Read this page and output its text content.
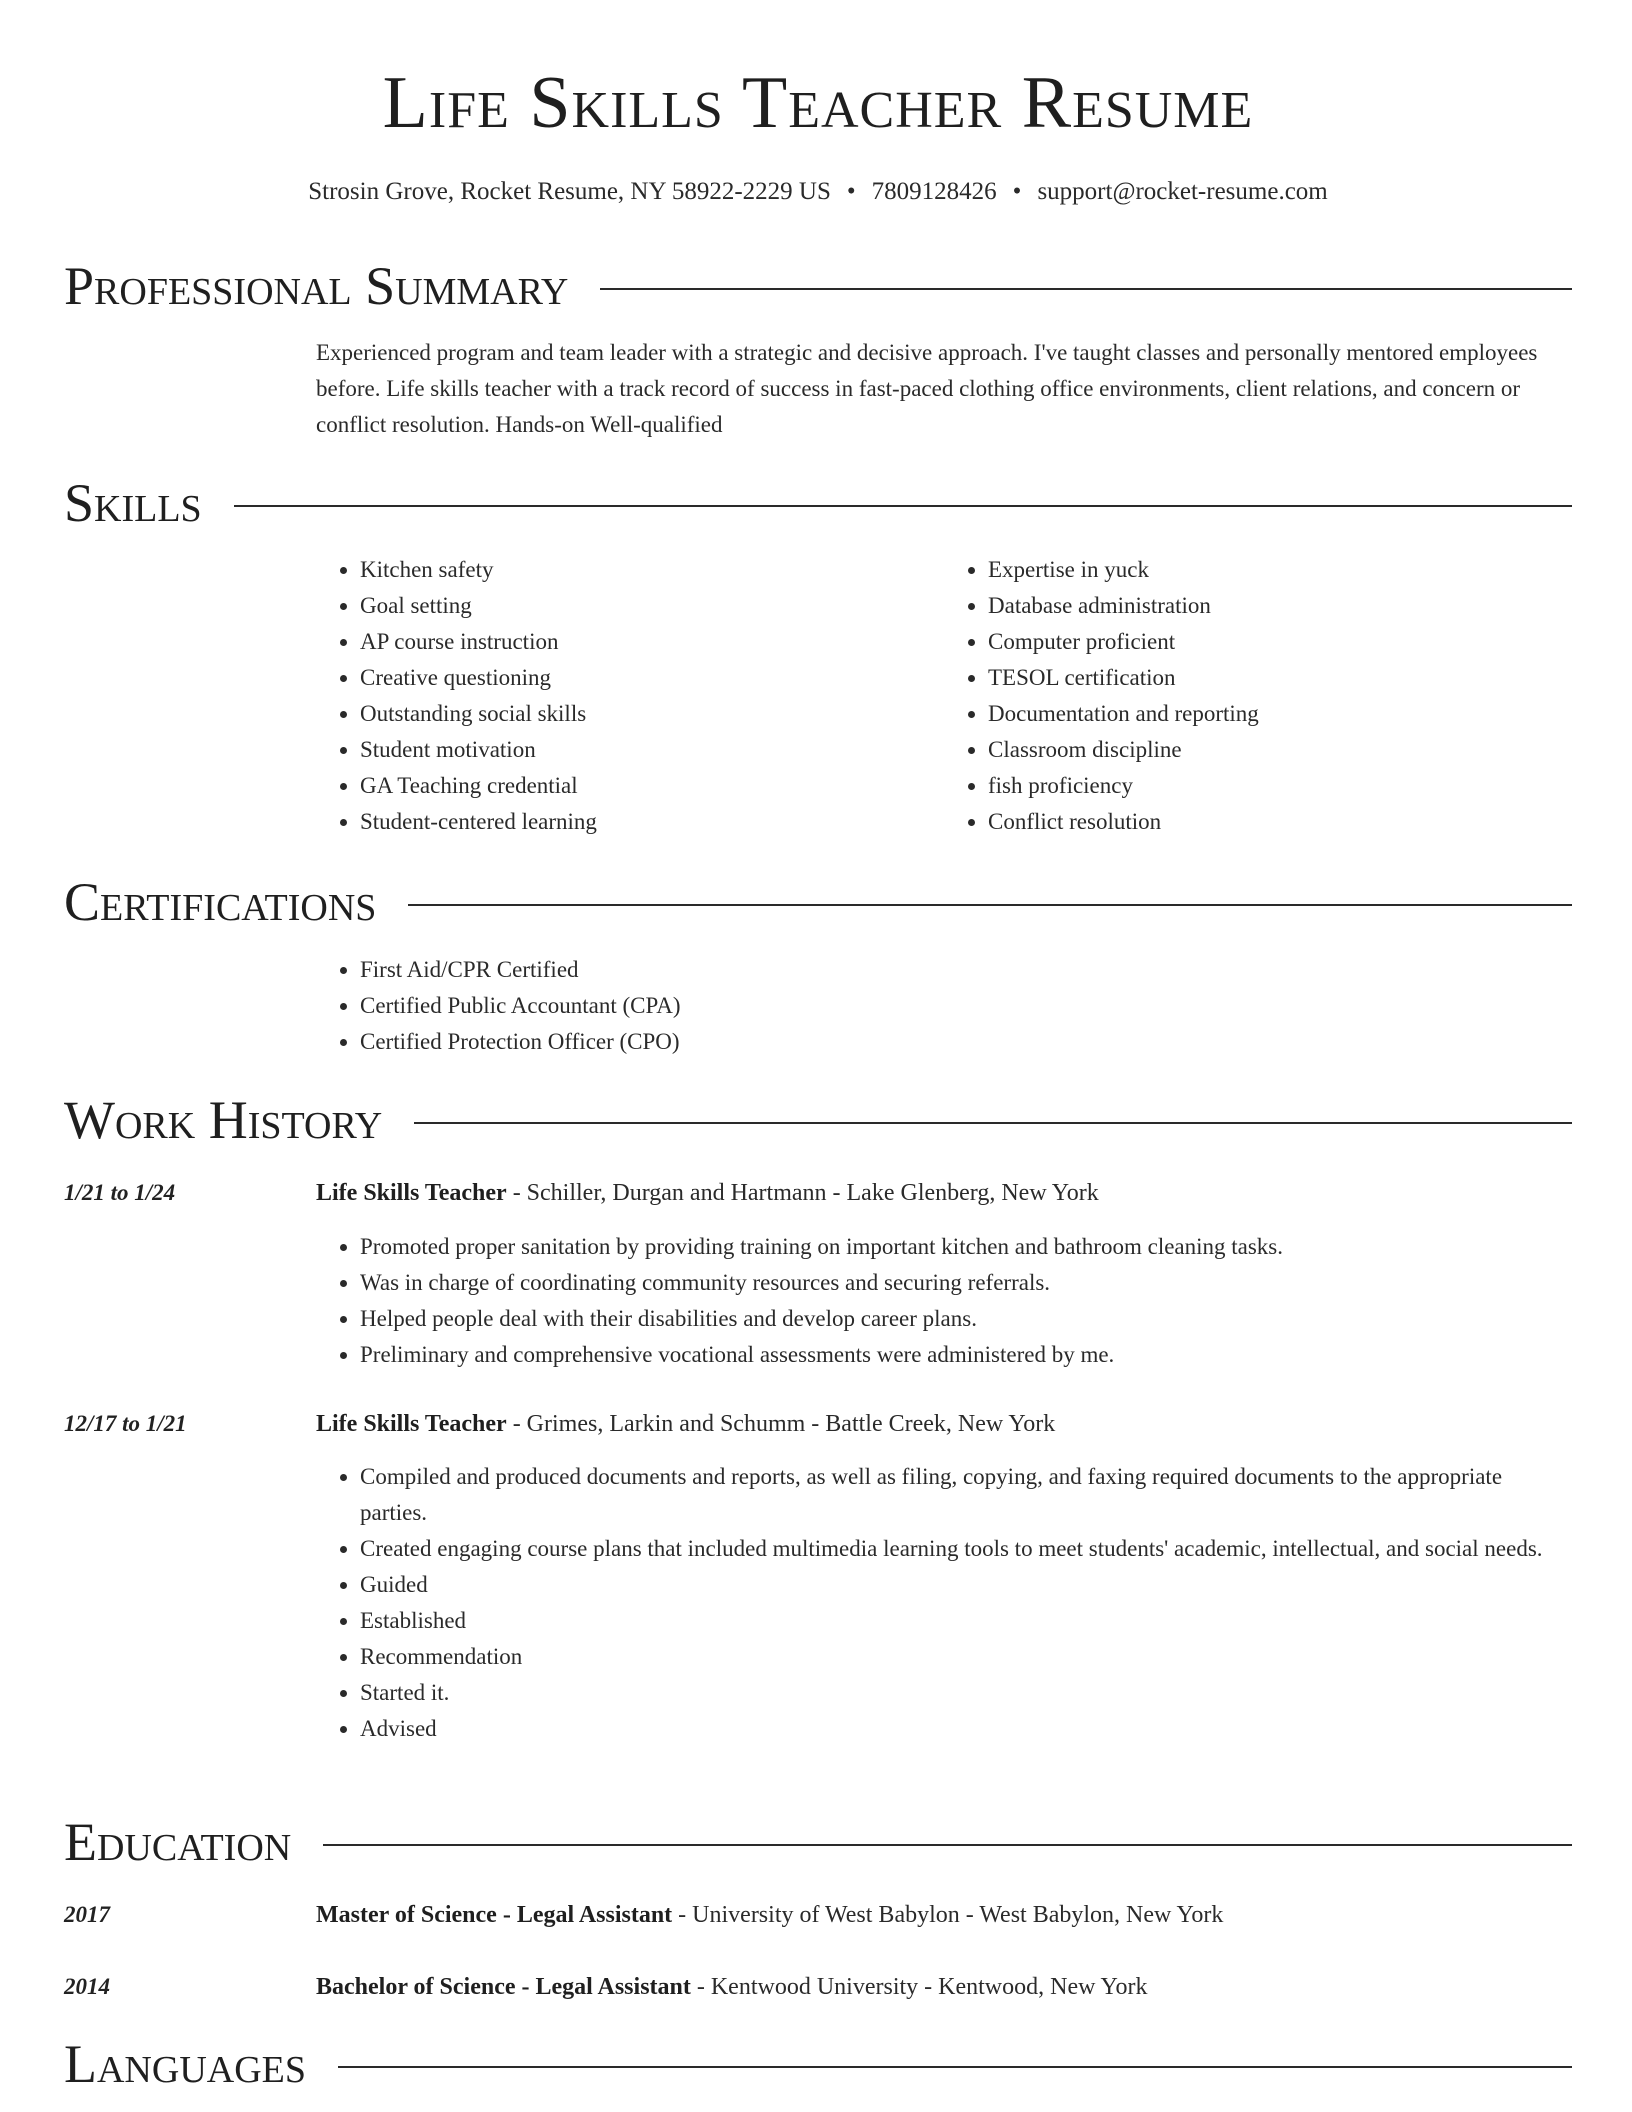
Life Skills Teacher Resume
Strosin Grove, Rocket Resume, NY 58922-2229 US • 7809128426 • support@rocket-resume.com
Professional Summary
Experienced program and team leader with a strategic and decisive approach. I've taught classes and personally mentored employees before. Life skills teacher with a track record of success in fast-paced clothing office environments, client relations, and concern or conflict resolution. Hands-on Well-qualified
Skills
• Kitchen safety
• Goal setting
• AP course instruction
• Creative questioning
• Outstanding social skills
• Student motivation
• GA Teaching credential
• Student-centered learning
• Expertise in yuck
• Database administration
• Computer proficient
• TESOL certification
• Documentation and reporting
• Classroom discipline
• fish proficiency
• Conflict resolution
Certifications
• First Aid/CPR Certified
• Certified Public Accountant (CPA)
• Certified Protection Officer (CPO)
Work History
1/21 to 1/24	Life Skills Teacher - Schiller, Durgan and Hartmann - Lake Glenberg, New York
• Promoted proper sanitation by providing training on important kitchen and bathroom cleaning tasks.
• Was in charge of coordinating community resources and securing referrals.
• Helped people deal with their disabilities and develop career plans.
• Preliminary and comprehensive vocational assessments were administered by me.
12/17 to 1/21	Life Skills Teacher - Grimes, Larkin and Schumm - Battle Creek, New York
• Compiled and produced documents and reports, as well as filing, copying, and faxing required documents to the appropriate parties.
• Created engaging course plans that included multimedia learning tools to meet students' academic, intellectual, and social needs.
• Guided
• Established
• Recommendation
• Started it.
• Advised
Education
2017	Master of Science - Legal Assistant - University of West Babylon - West Babylon, New York
2014	Bachelor of Science - Legal Assistant - Kentwood University - Kentwood, New York
Languages
